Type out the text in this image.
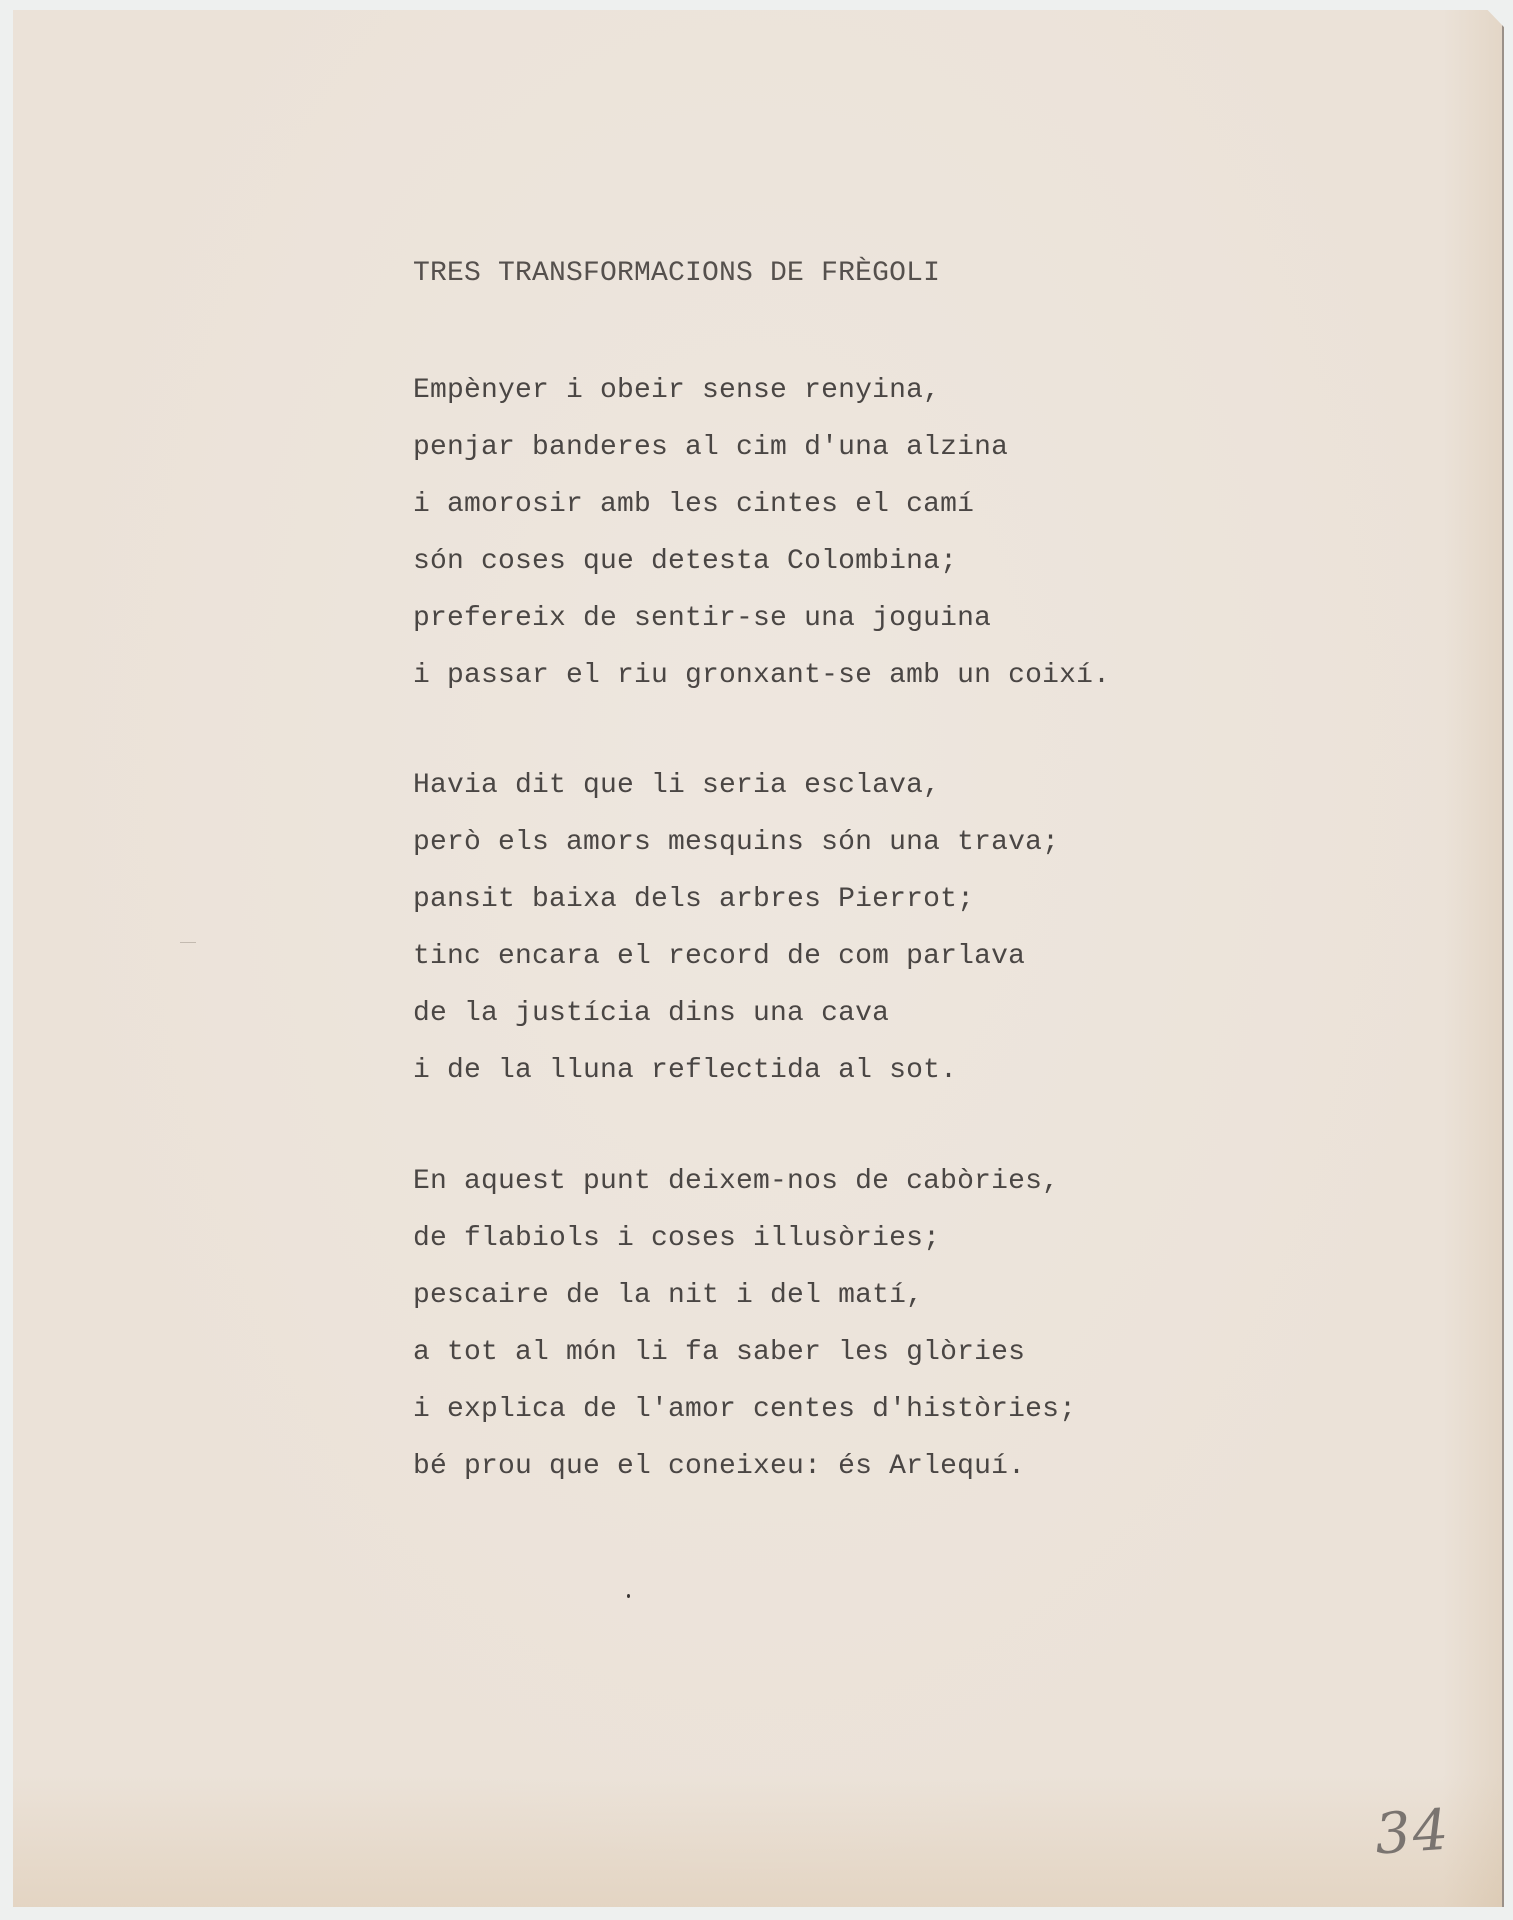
TRES TRANSFORMACIONS DE FRÈGOLI
Empènyer i obeir sense renyina,
penjar banderes al cim d'una alzina
i amorosir amb les cintes el camí
són coses que detesta Colombina;
prefereix de sentir-se una joguina
i passar el riu gronxant-se amb un coixí.
Havia dit que li seria esclava,
però els amors mesquins són una trava;
pansit baixa dels arbres Pierrot;
tinc encara el record de com parlava
de la justícia dins una cava
i de la lluna reflectida al sot.
En aquest punt deixem-nos de cabòries,
de flabiols i coses illusòries;
pescaire de la nit i del matí,
a tot al món li fa saber les glòries
i explica de l'amor centes d'històries;
bé prou que el coneixeu: és Arlequí.
34
